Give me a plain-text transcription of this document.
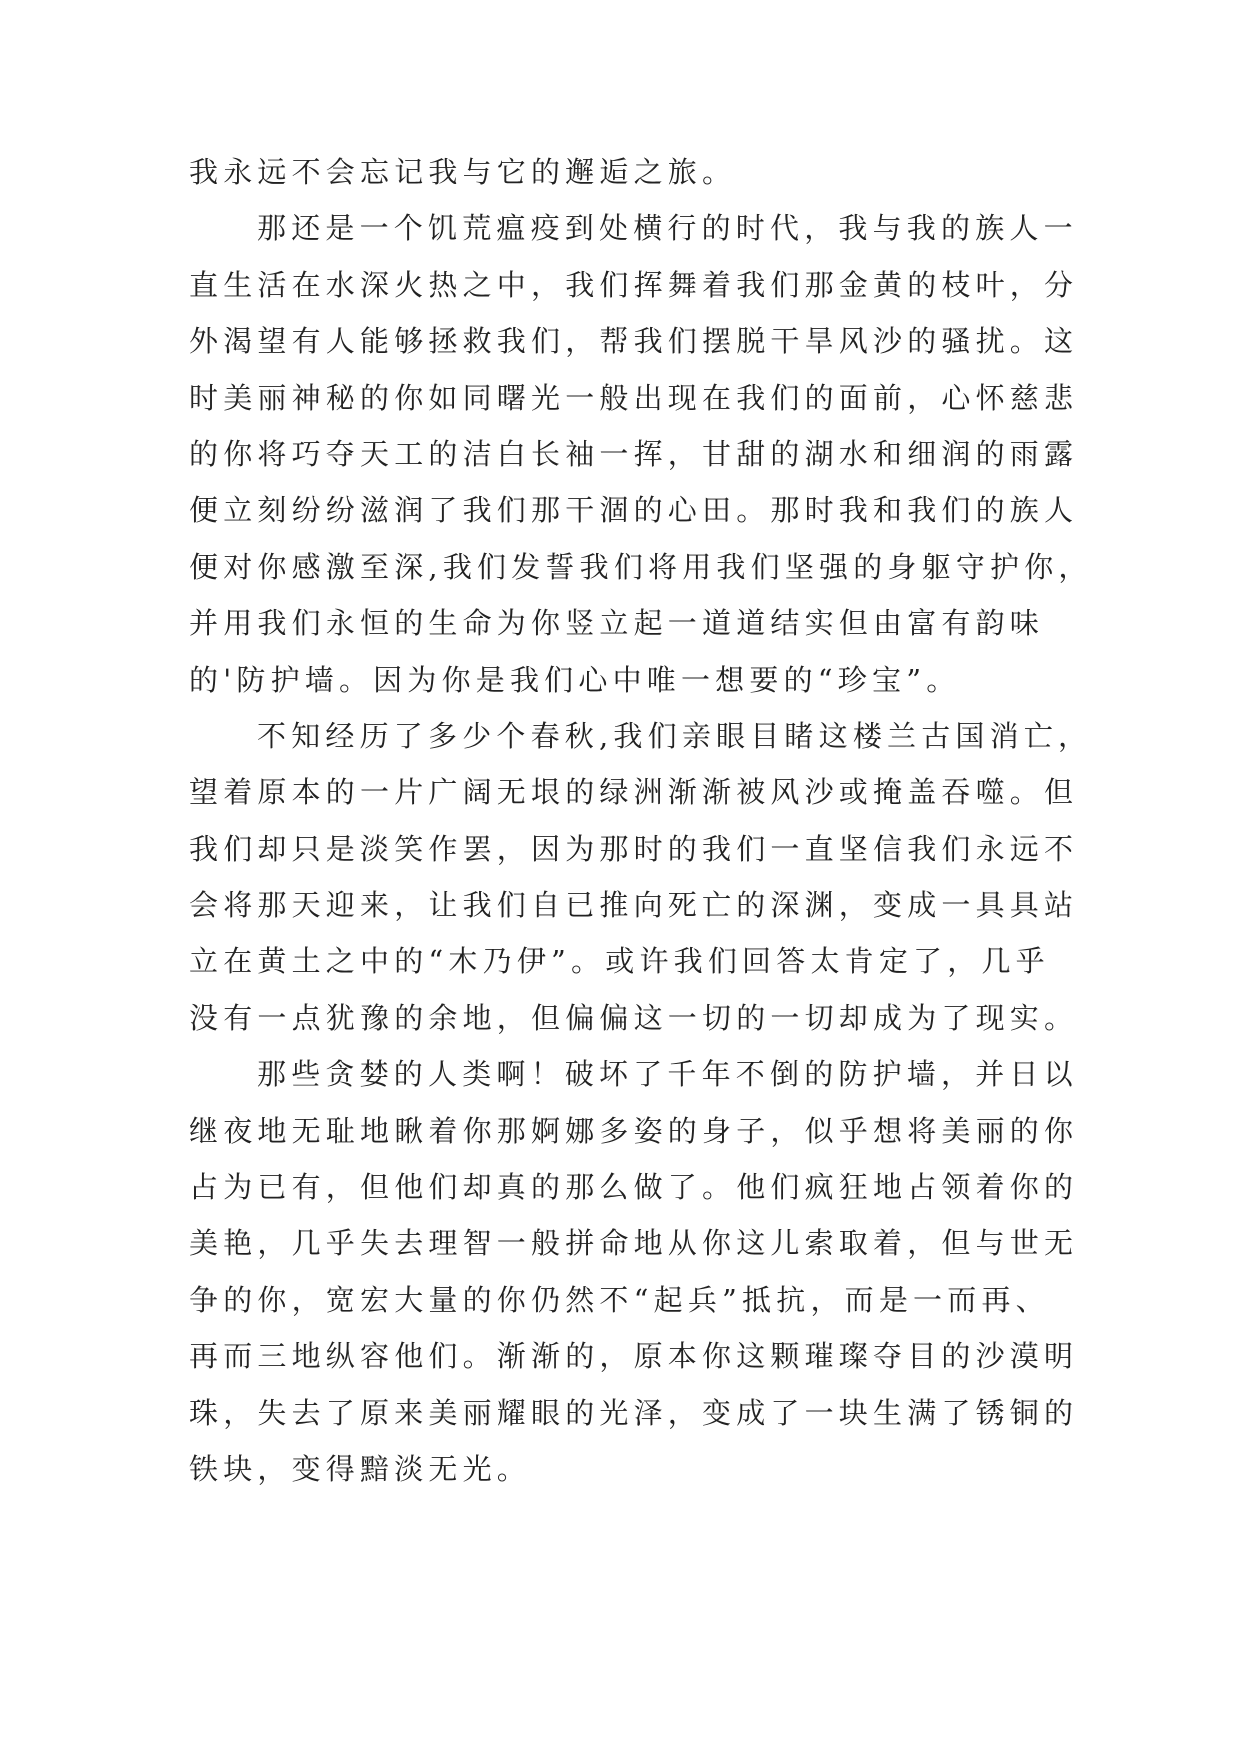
我永远不会忘记我与它的邂逅之旅。
那还是一个饥荒瘟疫到处横行的时代，我与我的族人一
直生活在水深火热之中，我们挥舞着我们那金黄的枝叶，分
外渴望有人能够拯救我们，帮我们摆脱干旱风沙的骚扰。这
时美丽神秘的你如同曙光一般出现在我们的面前，心怀慈悲
的你将巧夺天工的洁白长袖一挥，甘甜的湖水和细润的雨露
便立刻纷纷滋润了我们那干涸的心田。那时我和我们的族人
便对你感激至深,我们发誓我们将用我们坚强的身躯守护你，
并用我们永恒的生命为你竖立起一道道结实但由富有韵味
的'防护墙。因为你是我们心中唯一想要的“珍宝”。
不知经历了多少个春秋,我们亲眼目睹这楼兰古国消亡，
望着原本的一片广阔无垠的绿洲渐渐被风沙或掩盖吞噬。但
我们却只是淡笑作罢，因为那时的我们一直坚信我们永远不
会将那天迎来，让我们自已推向死亡的深渊，变成一具具站
立在黄土之中的“木乃伊”。或许我们回答太肯定了，几乎
没有一点犹豫的余地，但偏偏这一切的一切却成为了现实。
那些贪婪的人类啊！破坏了千年不倒的防护墙，并日以
继夜地无耻地瞅着你那婀娜多姿的身子，似乎想将美丽的你
占为已有，但他们却真的那么做了。他们疯狂地占领着你的
美艳，几乎失去理智一般拼命地从你这儿索取着，但与世无
争的你，宽宏大量的你仍然不“起兵”抵抗，而是一而再、
再而三地纵容他们。渐渐的，原本你这颗璀璨夺目的沙漠明
珠，失去了原来美丽耀眼的光泽，变成了一块生满了锈铜的
铁块，变得黯淡无光。
